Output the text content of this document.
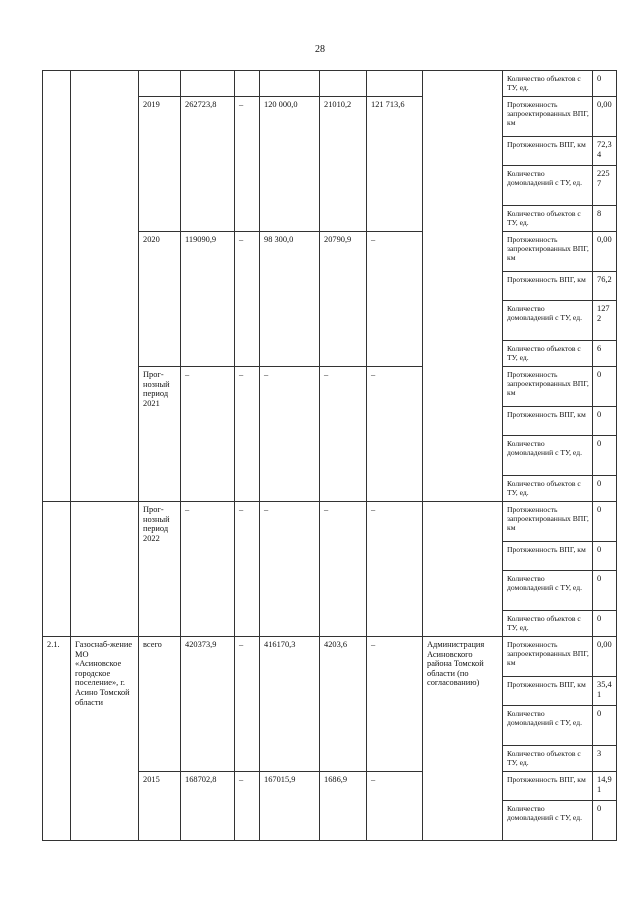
28
									Количество объектов с ТУ, ед.	0
		2019	262723,8	–	120 000,0	21010,2	121 713,6		Протяженность запроектированных ВПГ, км	0,00
									Протяженность ВПГ, км	72,34
									Количество домовладений с ТУ, ед.	2257
									Количество объектов с ТУ, ед.	8
		2020	119090,9	–	98 300,0	20790,9	–		Протяженность запроектированных ВПГ, км	0,00
									Протяженность ВПГ, км	76,2
									Количество домовладений с ТУ, ед.	1272
									Количество объектов с ТУ, ед.	6
		Прог-нозный период 2021	–	–	–	–	–		Протяженность запроектированных ВПГ, км	0
									Протяженность ВПГ, км	0
									Количество домовладений с ТУ, ед.	0
									Количество объектов с ТУ, ед.	0
		Прог-нозный период 2022	–	–	–	–	–		Протяженность запроектированных ВПГ, км	0
									Протяженность ВПГ, км	0
									Количество домовладений с ТУ, ед.	0
									Количество объектов с ТУ, ед.	0
2.1.	Газоснаб-жение МО «Асиновское городское поселение», г. Асино Томской области	всего	420373,9	–	416170,3	4203,6	–	Администрация Асиновского района Томской области (по согласованию)	Протяженность запроектированных ВПГ, км	0,00
									Протяженность ВПГ, км	35,41
									Количество домовладений с ТУ, ед.	0
									Количество объектов с ТУ, ед.	3
		2015	168702,8	–	167015,9	1686,9	–		Протяженность ВПГ, км	14,91
									Количество домовладений с ТУ, ед.	0
